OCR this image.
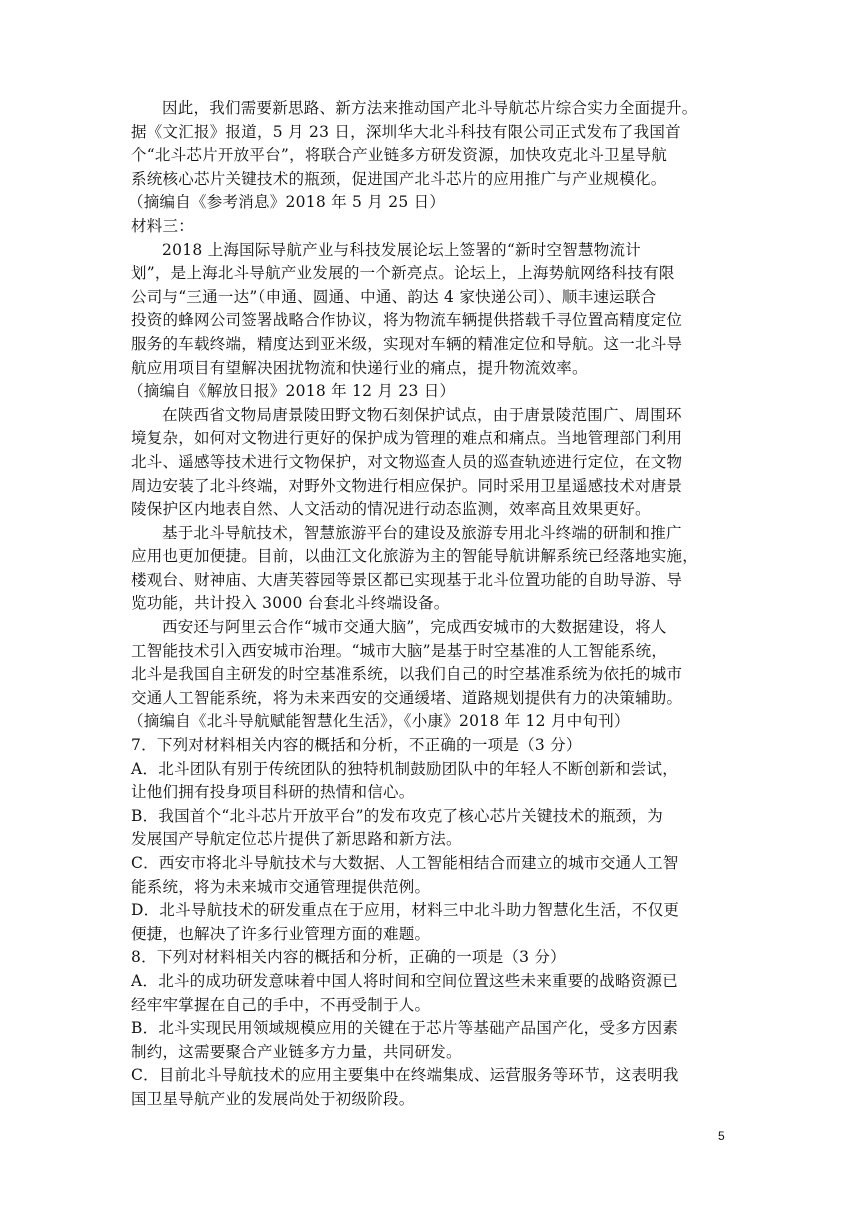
因此，我们需要新思路、新方法来推动国产北斗导航芯片综合实力全面提升。
据《文汇报》报道，5 月 23 日，深圳华大北斗科技有限公司正式发布了我国首
个“北斗芯片开放平台”，将联合产业链多方研发资源，加快攻克北斗卫星导航
系统核心芯片关键技术的瓶颈，促进国产北斗芯片的应用推广与产业规模化。
（摘编自《参考消息》2018 年 5 月 25 日）
材料三：
2018 上海国际导航产业与科技发展论坛上签署的“新时空智慧物流计
划”，是上海北斗导航产业发展的一个新亮点。论坛上，上海势航网络科技有限
公司与“三通一达”（申通、圆通、中通、韵达 4 家快递公司）、顺丰速运联合
投资的蜂网公司签署战略合作协议，将为物流车辆提供搭载千寻位置高精度定位
服务的车载终端，精度达到亚米级，实现对车辆的精准定位和导航。这一北斗导
航应用项目有望解决困扰物流和快递行业的痛点，提升物流效率。
（摘编自《解放日报》2018 年 12 月 23 日）
在陕西省文物局唐景陵田野文物石刻保护试点，由于唐景陵范围广、周围环
境复杂，如何对文物进行更好的保护成为管理的难点和痛点。当地管理部门利用
北斗、遥感等技术进行文物保护，对文物巡查人员的巡查轨迹进行定位，在文物
周边安装了北斗终端，对野外文物进行相应保护。同时采用卫星遥感技术对唐景
陵保护区内地表自然、人文活动的情况进行动态监测，效率高且效果更好。
基于北斗导航技术，智慧旅游平台的建设及旅游专用北斗终端的研制和推广
应用也更加便捷。目前，以曲江文化旅游为主的智能导航讲解系统已经落地实施，
楼观台、财神庙、大唐芙蓉园等景区都已实现基于北斗位置功能的自助导游、导
览功能，共计投入 3000 台套北斗终端设备。
西安还与阿里云合作“城市交通大脑”，完成西安城市的大数据建设，将人
工智能技术引入西安城市治理。“城市大脑”是基于时空基准的人工智能系统，
北斗是我国自主研发的时空基准系统，以我们自己的时空基准系统为依托的城市
交通人工智能系统，将为未来西安的交通缓堵、道路规划提供有力的决策辅助。
（摘编自《北斗导航赋能智慧化生活》，《小康》2018 年 12 月中旬刊）
7．下列对材料相关内容的概括和分析，不正确的一项是（3 分）
A．北斗团队有别于传统团队的独特机制鼓励团队中的年轻人不断创新和尝试，
让他们拥有投身项目科研的热情和信心。
B．我国首个“北斗芯片开放平台”的发布攻克了核心芯片关键技术的瓶颈，为
发展国产导航定位芯片提供了新思路和新方法。
C．西安市将北斗导航技术与大数据、人工智能相结合而建立的城市交通人工智
能系统，将为未来城市交通管理提供范例。
D．北斗导航技术的研发重点在于应用，材料三中北斗助力智慧化生活，不仅更
便捷，也解决了许多行业管理方面的难题。
8．下列对材料相关内容的概括和分析，正确的一项是（3 分）
A．北斗的成功研发意味着中国人将时间和空间位置这些未来重要的战略资源已
经牢牢掌握在自己的手中，不再受制于人。
B．北斗实现民用领域规模应用的关键在于芯片等基础产品国产化，受多方因素
制约，这需要聚合产业链多方力量，共同研发。
C．目前北斗导航技术的应用主要集中在终端集成、运营服务等环节，这表明我
国卫星导航产业的发展尚处于初级阶段。
5
